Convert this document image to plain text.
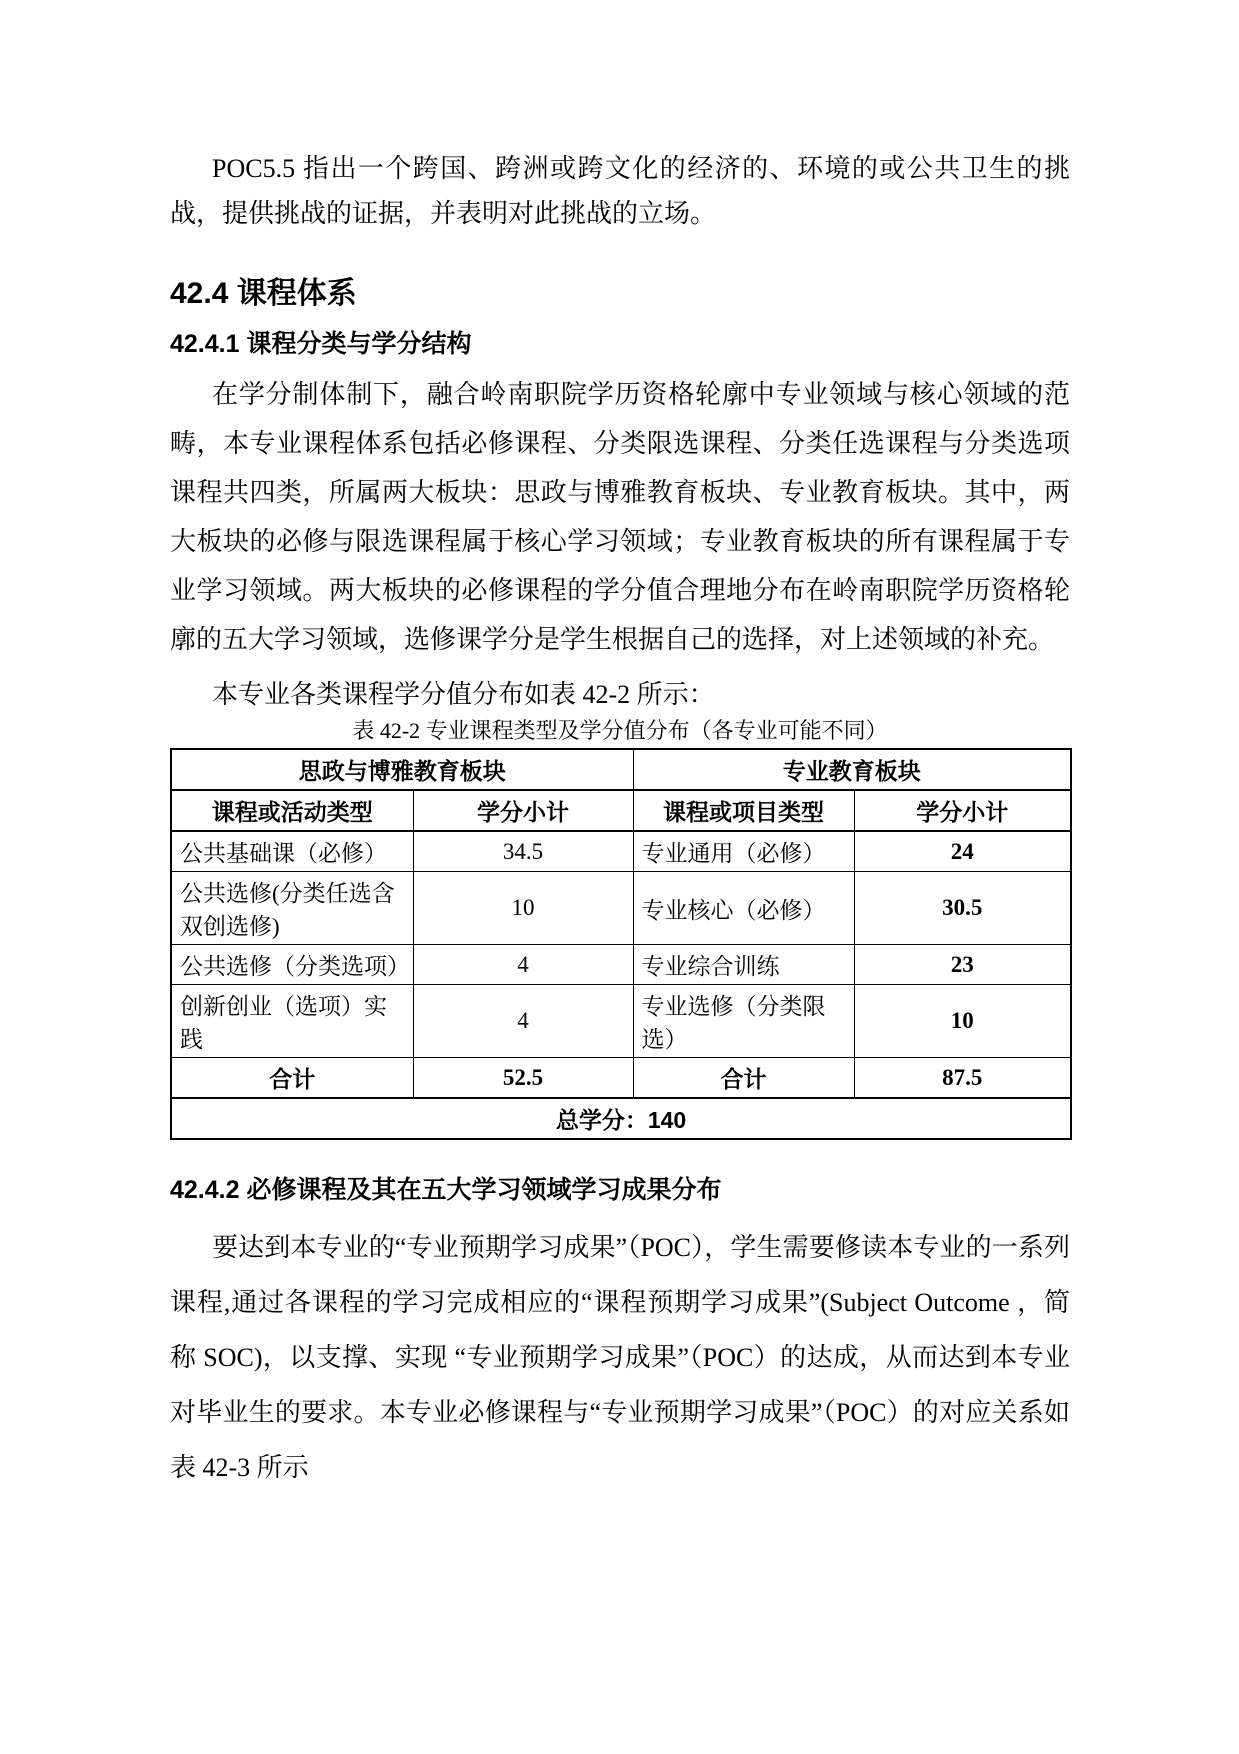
POC5.5 指出一个跨国、跨洲或跨文化的经济的、环境的或公共卫生的挑战，提供挑战的证据，并表明对此挑战的立场。

42.4 课程体系
42.4.1 课程分类与学分结构

在学分制体制下，融合岭南职院学历资格轮廓中专业领域与核心领域的范畴，本专业课程体系包括必修课程、分类限选课程、分类任选课程与分类选项课程共四类，所属两大板块：思政与博雅教育板块、专业教育板块。其中，两大板块的必修与限选课程属于核心学习领域；专业教育板块的所有课程属于专业学习领域。两大板块的必修课程的学分值合理地分布在岭南职院学历资格轮廓的五大学习领域，选修课学分是学生根据自己的选择，对上述领域的补充。

本专业各类课程学分值分布如表 42-2 所示：

表 42-2 专业课程类型及学分值分布（各专业可能不同）
思政与博雅教育板块		专业教育板块	
课程或活动类型	学分小计	课程或项目类型	学分小计
公共基础课（必修）	34.5	专业通用（必修）	24
公共选修(分类任选含双创选修)	10	专业核心（必修）	30.5
公共选修（分类选项）	4	专业综合训练	23
创新创业（选项）实践	4	专业选修（分类限选）	10
合计	52.5	合计	87.5
总学分：140			
42.4.2 必修课程及其在五大学习领域学习成果分布

要达到本专业的“专业预期学习成果”（POC），学生需要修读本专业的一系列课程,通过各课程的学习完成相应的“课程预期学习成果”(Subject Outcome ，简称 SOC)，以支撑、实现 “专业预期学习成果”（POC）的达成，从而达到本专业对毕业生的要求。本专业必修课程与“专业预期学习成果”（POC）的对应关系如表 42-3 所示
